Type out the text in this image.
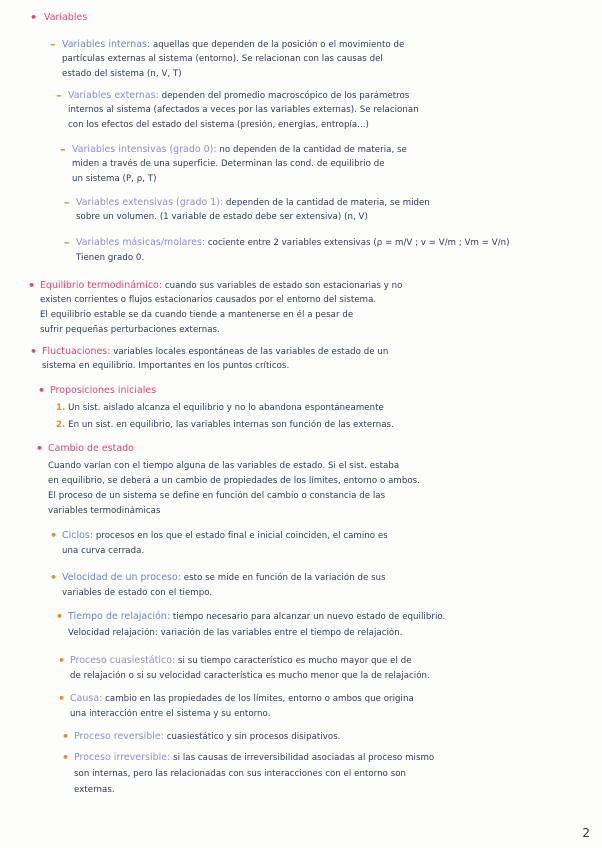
• Variables
– Variables internas: aquellas que dependen de la posición o el movimiento de
partículas externas al sistema (entorno). Se relacionan con las causas del
estado del sistema (n, V, T)
– Variables externas: dependen del promedio macroscópico de los parámetros
internos al sistema (afectados a veces por las variables externas). Se relacionan
con los efectos del estado del sistema (presión, energías, entropía...)
– Variables intensivas (grado 0): no dependen de la cantidad de materia, se
miden a través de una superficie. Determinan las cond. de equilibrio de
un sistema (P, ρ, T)
– Variables extensivas (grado 1): dependen de la cantidad de materia, se miden
sobre un volumen. (1 variable de estado debe ser extensiva) (n, V)
– Variables másicas/molares: cociente entre 2 variables extensivas (ρ = m/V ; v = V/m ; Vm = V/n)
Tienen grado 0.
• Equilibrio termodinámico: cuando sus variables de estado son estacionarias y no
existen corrientes o flujos estacionarios causados por el entorno del sistema.
El equilibrio estable se da cuando tiende a mantenerse en él a pesar de
sufrir pequeñas perturbaciones externas.
• Fluctuaciones: variables locales espontáneas de las variables de estado de un
sistema en equilibrio. Importantes en los puntos críticos.
• Proposiciones iniciales
1. Un sist. aislado alcanza el equilibrio y no lo abandona espontáneamente
2. En un sist. en equilibrio, las variables internas son función de las externas.
• Cambio de estado
Cuando varían con el tiempo alguna de las variables de estado. Si el sist. estaba
en equilibrio, se deberá a un cambio de propiedades de los límites, entorno o ambos.
El proceso de un sistema se define en función del cambio o constancia de las
variables termodinámicas
• Ciclos: procesos en los que el estado final e inicial coinciden, el camino es
una curva cerrada.
• Velocidad de un proceso: esto se mide en función de la variación de sus
variables de estado con el tiempo.
• Tiempo de relajación: tiempo necesario para alcanzar un nuevo estado de equilibrio.
Velocidad relajación: variación de las variables entre el tiempo de relajación.
• Proceso cuasiestático: si su tiempo característico es mucho mayor que el de
de relajación o si su velocidad característica es mucho menor que la de relajación.
• Causa: cambio en las propiedades de los límites, entorno o ambos que origina
una interacción entre el sistema y su entorno.
• Proceso reversible: cuasiestático y sin procesos disipativos.
• Proceso irreversible: si las causas de irreversibilidad asociadas al proceso mismo
son internas, pero las relacionadas con sus interacciones con el entorno son
externas.
2
